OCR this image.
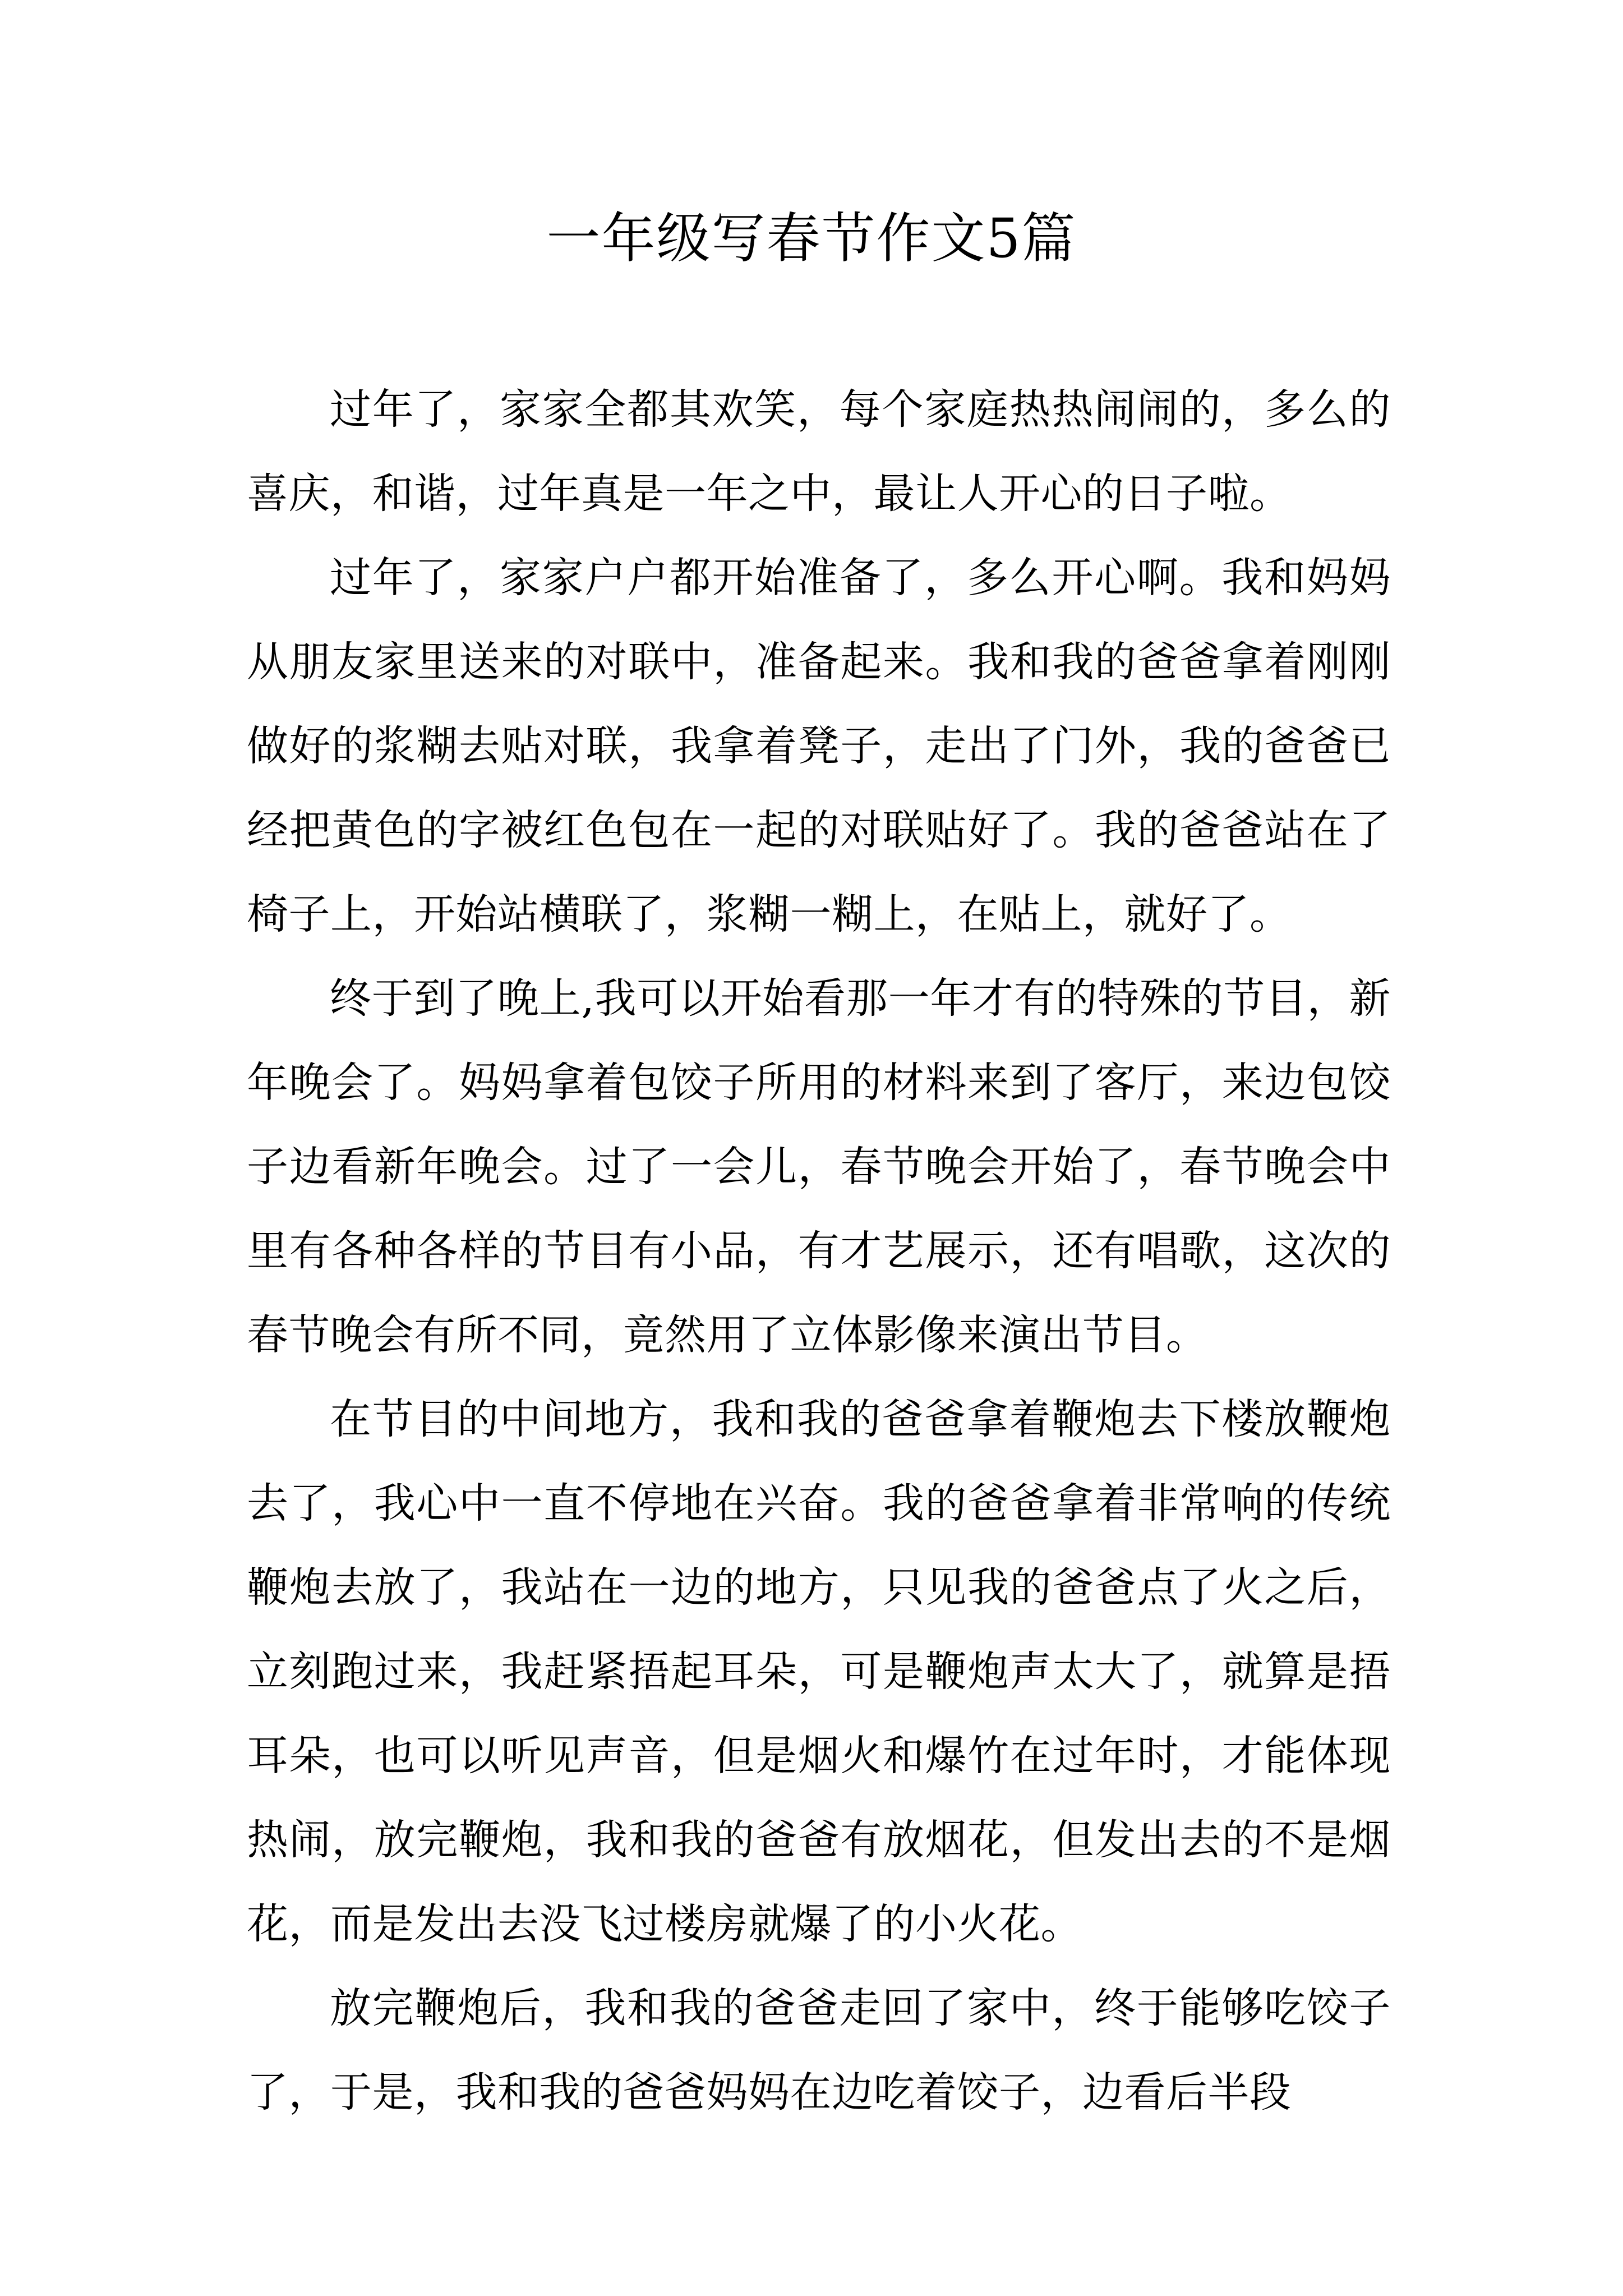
一年级写春节作文5篇

过年了，家家全都其欢笑，每个家庭热热闹闹的，多么的喜庆，和谐，过年真是一年之中，最让人开心的日子啦。

过年了，家家户户都开始准备了，多么开心啊。我和妈妈从朋友家里送来的对联中，准备起来。我和我的爸爸拿着刚刚做好的浆糊去贴对联，我拿着凳子，走出了门外，我的爸爸已经把黄色的字被红色包在一起的对联贴好了。我的爸爸站在了椅子上，开始站横联了，浆糊一糊上，在贴上，就好了。

终于到了晚上,我可以开始看那一年才有的特殊的节目，新年晚会了。妈妈拿着包饺子所用的材料来到了客厅，来边包饺子边看新年晚会。过了一会儿，春节晚会开始了，春节晚会中里有各种各样的节目有小品，有才艺展示，还有唱歌，这次的春节晚会有所不同，竟然用了立体影像来演出节目。

在节目的中间地方，我和我的爸爸拿着鞭炮去下楼放鞭炮去了，我心中一直不停地在兴奋。我的爸爸拿着非常响的传统鞭炮去放了，我站在一边的地方，只见我的爸爸点了火之后，立刻跑过来，我赶紧捂起耳朵，可是鞭炮声太大了，就算是捂耳朵，也可以听见声音，但是烟火和爆竹在过年时，才能体现热闹，放完鞭炮，我和我的爸爸有放烟花，但发出去的不是烟花，而是发出去没飞过楼房就爆了的小火花。

放完鞭炮后，我和我的爸爸走回了家中，终于能够吃饺子了，于是，我和我的爸爸妈妈在边吃着饺子，边看后半段
